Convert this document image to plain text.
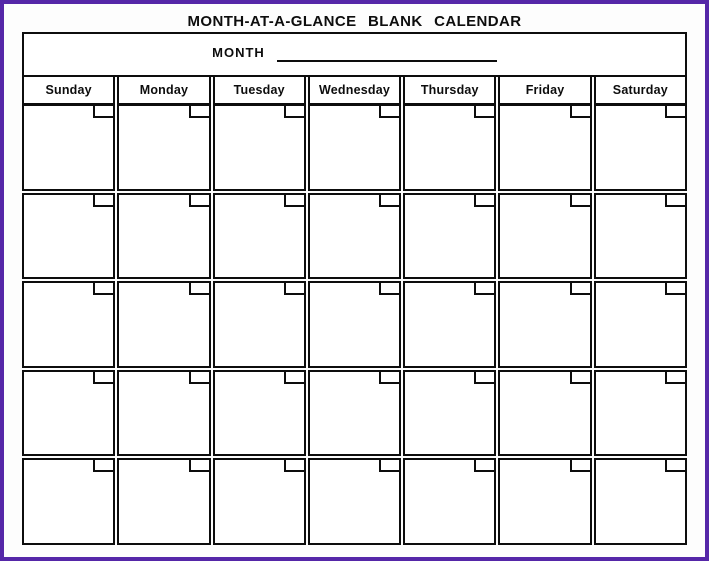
MONTH-AT-A-GLANCE BLANK CALENDAR
MONTH
Sunday	Monday	Tuesday	Wednesday	Thursday	Friday	Saturday
